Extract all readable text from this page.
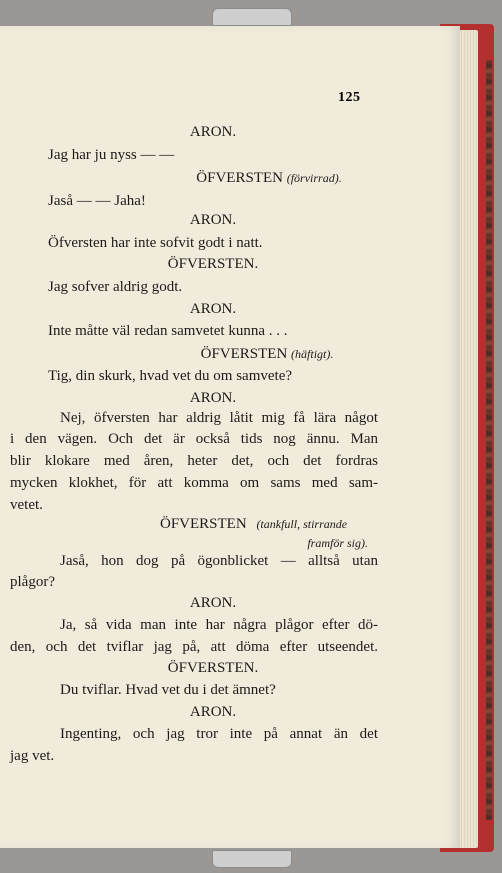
125
ARON.
Jag har ju nyss — —
ÖFVERSTEN (förvirrad).
Jaså — — Jaha!
ARON.
Öfversten har inte sofvit godt i natt.
ÖFVERSTEN.
Jag sofver aldrig godt.
ARON.
Inte måtte väl redan samvetet kunna . . .
ÖFVERSTEN (häftigt).
Tig, din skurk, hvad vet du om samvete?
ARON.
Nej, öfversten har aldrig låtit mig få lära något
i den vägen. Och det är också tids nog ännu. Man
blir klokare med åren, heter det, och det fordras
mycken klokhet, för att komma om sams med sam-
vetet.
ÖFVERSTEN (tankfull, stirrande
framför sig).
Jaså, hon dog på ögonblicket — alltså utan
plågor?
ARON.
Ja, så vida man inte har några plågor efter dö-
den, och det tviflar jag på, att döma efter utseendet.
ÖFVERSTEN.
Du tviflar. Hvad vet du i det ämnet?
ARON.
Ingenting, och jag tror inte på annat än det
jag vet.
